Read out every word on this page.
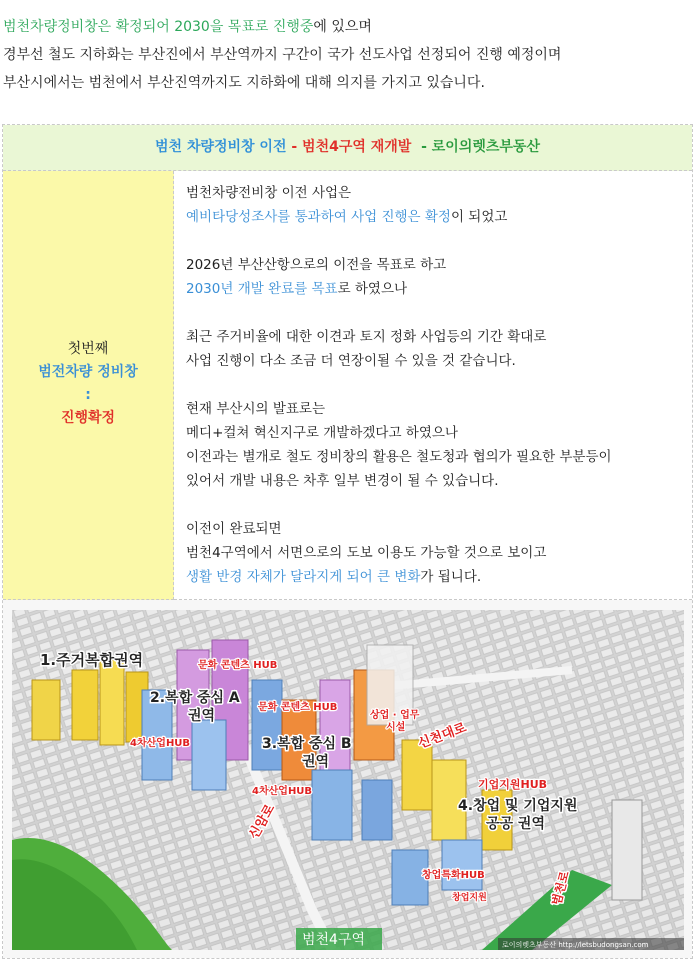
범천차량정비창은 확정되어 2030을 목표로 진행중에 있으며

경부선 철도 지하화는 부산진에서 부산역까지 구간이 국가 선도사업 선정되어 진행 예정이며

부산시에서는 범천에서 부산진역까지도 지하화에 대해 의지를 가지고 있습니다.

범천 차량정비창 이전 - 범천4구역 재개발  - 로이의렛츠부동산
첫번째
범전차량 정비창
:
진행확정
범천차량전비창 이전 사업은
예비타당성조사를 통과하여 사업 진행은 확정이 되었고
2026년 부산산항으로의 이전을 목표로 하고
2030년 개발 완료를 목표로 하였으나
최근 주거비율에 대한 이견과 토지 정화 사업등의 기간 확대로
사업 진행이 다소 조금 더 연장이될 수 있을 것 같습니다.
현재 부산시의 발표로는
메디+컬쳐 혁신지구로 개발하겠다고 하였으나
이전과는 별개로 철도 정비창의 활용은 철도청과 협의가 필요한 부분등이
있어서 개발 내용은 차후 일부 변경이 될 수 있습니다.
이전이 완료되면
범천4구역에서 서면으로의 도보 이용도 가능할 것으로 보이고
생활 반경 자체가 달라지게 되어 큰 변화가 됩니다.
1.주거복합권역
2.복합 중심 A
권역
3.복합 중심 B
권역
4.창업 및 기업지원
공공 권역
문화 콘텐츠 HUB
문화 콘텐츠 HUB
상업 · 업무
시설
4차산업HUB
4차산업HUB
신천대로
기업지원HUB
신암로
창업특화HUB
창업지원	범천로
범천4구역	로이의렛츠부동산 http://letsbudongsan.com
